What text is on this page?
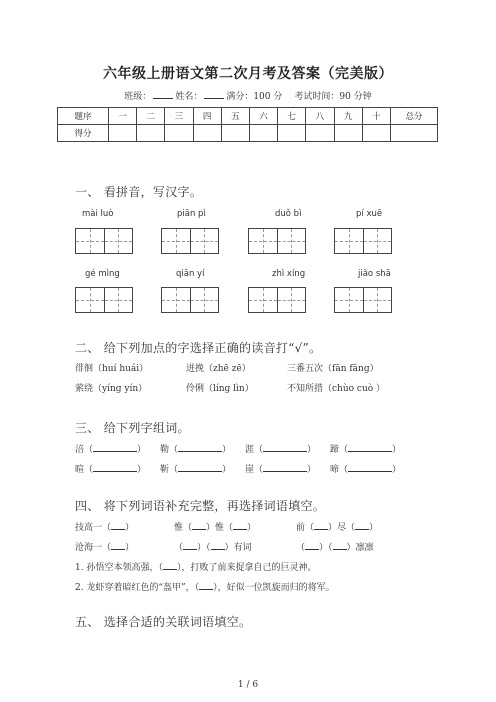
六年级上册语文第二次月考及答案（完美版）
班级：	姓名：	满分：100 分 考试时间：90 分钟
题序	一	二	三	四	五	六	七	八	九	十	总分
得分											
一、 看拼音，写汉字。
mài luò	piān pì	duǒ bì	pí xuē
gé mìng	qiān yí	zhì xíng	jiǎo shā
二、 给下列加点的字选择正确的读音打“√”。
徘徊（huí huái）	迸挽（zhē zē）	三番五次（fān fāng）
萦绕（yíng yín）	伶俐（líng lìn）	不知所措（chùo cuò ）
三、 给下列字组词。
涪（	） 勒（	） 涯（	） 蹄（	）
暄（	） 靳（	） 崖（	） 啼（	）
四、 将下列词语补充完整，再选择词语填空。
技高一（ ）	惟（ ）惟（ ）	前（ ）尽（ ）
沧海一（ ）	（ ）（ ）有词	（ ）（ ）凛凛
1. 孙悟空本领高强，（ ），打败了前来捉拿自己的巨灵神。
2. 龙虾穿着暗红色的“盔甲”，（ ），好似一位凯旋而归的将军。
五、 选择合适的关联词语填空。
1 / 6
